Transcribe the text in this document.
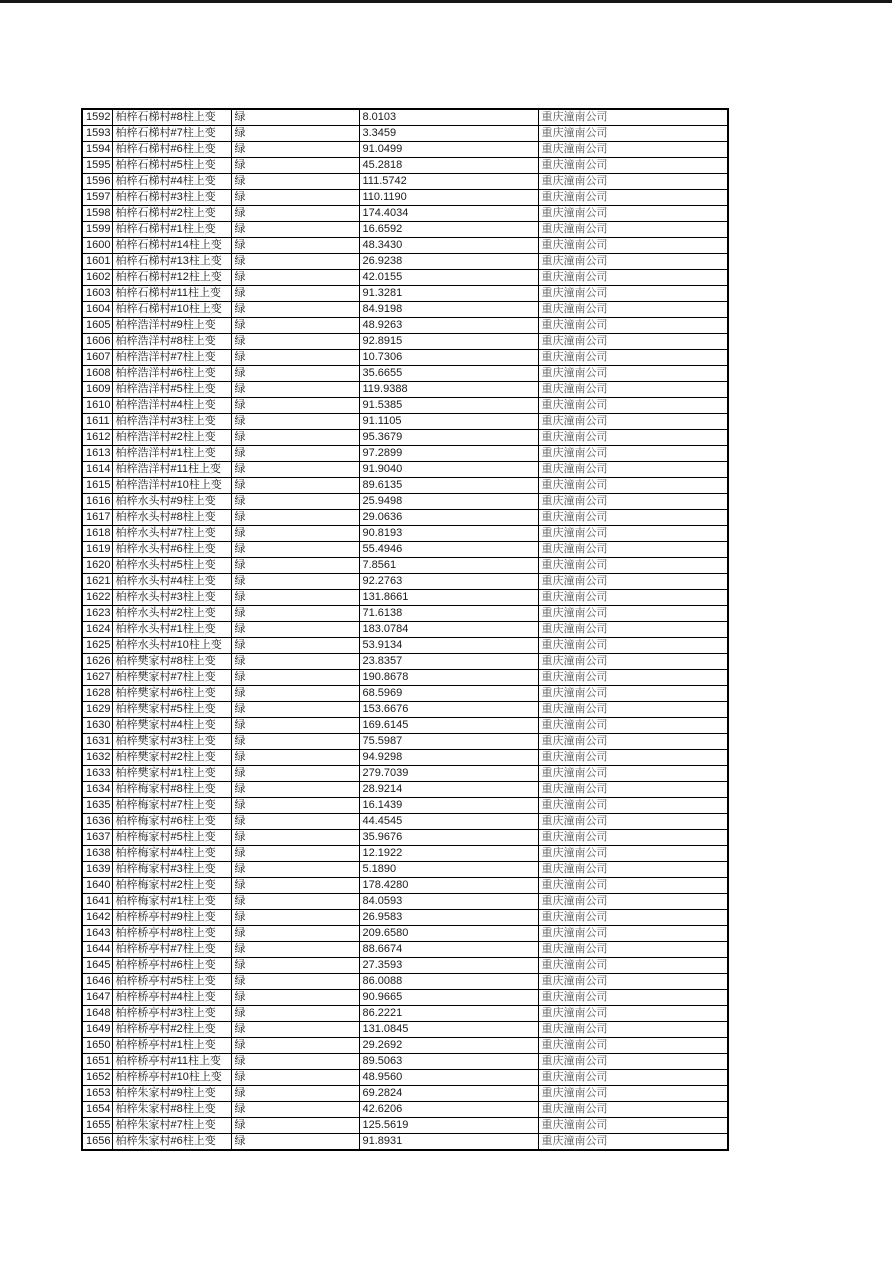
1592	柏梓石梯村#8柱上变	绿	8.0103	重庆潼南公司
1593	柏梓石梯村#7柱上变	绿	3.3459	重庆潼南公司
1594	柏梓石梯村#6柱上变	绿	91.0499	重庆潼南公司
1595	柏梓石梯村#5柱上变	绿	45.2818	重庆潼南公司
1596	柏梓石梯村#4柱上变	绿	111.5742	重庆潼南公司
1597	柏梓石梯村#3柱上变	绿	110.1190	重庆潼南公司
1598	柏梓石梯村#2柱上变	绿	174.4034	重庆潼南公司
1599	柏梓石梯村#1柱上变	绿	16.6592	重庆潼南公司
1600	柏梓石梯村#14柱上变	绿	48.3430	重庆潼南公司
1601	柏梓石梯村#13柱上变	绿	26.9238	重庆潼南公司
1602	柏梓石梯村#12柱上变	绿	42.0155	重庆潼南公司
1603	柏梓石梯村#11柱上变	绿	91.3281	重庆潼南公司
1604	柏梓石梯村#10柱上变	绿	84.9198	重庆潼南公司
1605	柏梓浩洋村#9柱上变	绿	48.9263	重庆潼南公司
1606	柏梓浩洋村#8柱上变	绿	92.8915	重庆潼南公司
1607	柏梓浩洋村#7柱上变	绿	10.7306	重庆潼南公司
1608	柏梓浩洋村#6柱上变	绿	35.6655	重庆潼南公司
1609	柏梓浩洋村#5柱上变	绿	119.9388	重庆潼南公司
1610	柏梓浩洋村#4柱上变	绿	91.5385	重庆潼南公司
1611	柏梓浩洋村#3柱上变	绿	91.1105	重庆潼南公司
1612	柏梓浩洋村#2柱上变	绿	95.3679	重庆潼南公司
1613	柏梓浩洋村#1柱上变	绿	97.2899	重庆潼南公司
1614	柏梓浩洋村#11柱上变	绿	91.9040	重庆潼南公司
1615	柏梓浩洋村#10柱上变	绿	89.6135	重庆潼南公司
1616	柏梓水头村#9柱上变	绿	25.9498	重庆潼南公司
1617	柏梓水头村#8柱上变	绿	29.0636	重庆潼南公司
1618	柏梓水头村#7柱上变	绿	90.8193	重庆潼南公司
1619	柏梓水头村#6柱上变	绿	55.4946	重庆潼南公司
1620	柏梓水头村#5柱上变	绿	7.8561	重庆潼南公司
1621	柏梓水头村#4柱上变	绿	92.2763	重庆潼南公司
1622	柏梓水头村#3柱上变	绿	131.8661	重庆潼南公司
1623	柏梓水头村#2柱上变	绿	71.6138	重庆潼南公司
1624	柏梓水头村#1柱上变	绿	183.0784	重庆潼南公司
1625	柏梓水头村#10柱上变	绿	53.9134	重庆潼南公司
1626	柏梓樊家村#8柱上变	绿	23.8357	重庆潼南公司
1627	柏梓樊家村#7柱上变	绿	190.8678	重庆潼南公司
1628	柏梓樊家村#6柱上变	绿	68.5969	重庆潼南公司
1629	柏梓樊家村#5柱上变	绿	153.6676	重庆潼南公司
1630	柏梓樊家村#4柱上变	绿	169.6145	重庆潼南公司
1631	柏梓樊家村#3柱上变	绿	75.5987	重庆潼南公司
1632	柏梓樊家村#2柱上变	绿	94.9298	重庆潼南公司
1633	柏梓樊家村#1柱上变	绿	279.7039	重庆潼南公司
1634	柏梓梅家村#8柱上变	绿	28.9214	重庆潼南公司
1635	柏梓梅家村#7柱上变	绿	16.1439	重庆潼南公司
1636	柏梓梅家村#6柱上变	绿	44.4545	重庆潼南公司
1637	柏梓梅家村#5柱上变	绿	35.9676	重庆潼南公司
1638	柏梓梅家村#4柱上变	绿	12.1922	重庆潼南公司
1639	柏梓梅家村#3柱上变	绿	5.1890	重庆潼南公司
1640	柏梓梅家村#2柱上变	绿	178.4280	重庆潼南公司
1641	柏梓梅家村#1柱上变	绿	84.0593	重庆潼南公司
1642	柏梓桥亭村#9柱上变	绿	26.9583	重庆潼南公司
1643	柏梓桥亭村#8柱上变	绿	209.6580	重庆潼南公司
1644	柏梓桥亭村#7柱上变	绿	88.6674	重庆潼南公司
1645	柏梓桥亭村#6柱上变	绿	27.3593	重庆潼南公司
1646	柏梓桥亭村#5柱上变	绿	86.0088	重庆潼南公司
1647	柏梓桥亭村#4柱上变	绿	90.9665	重庆潼南公司
1648	柏梓桥亭村#3柱上变	绿	86.2221	重庆潼南公司
1649	柏梓桥亭村#2柱上变	绿	131.0845	重庆潼南公司
1650	柏梓桥亭村#1柱上变	绿	29.2692	重庆潼南公司
1651	柏梓桥亭村#11柱上变	绿	89.5063	重庆潼南公司
1652	柏梓桥亭村#10柱上变	绿	48.9560	重庆潼南公司
1653	柏梓朱家村#9柱上变	绿	69.2824	重庆潼南公司
1654	柏梓朱家村#8柱上变	绿	42.6206	重庆潼南公司
1655	柏梓朱家村#7柱上变	绿	125.5619	重庆潼南公司
1656	柏梓朱家村#6柱上变	绿	91.8931	重庆潼南公司
